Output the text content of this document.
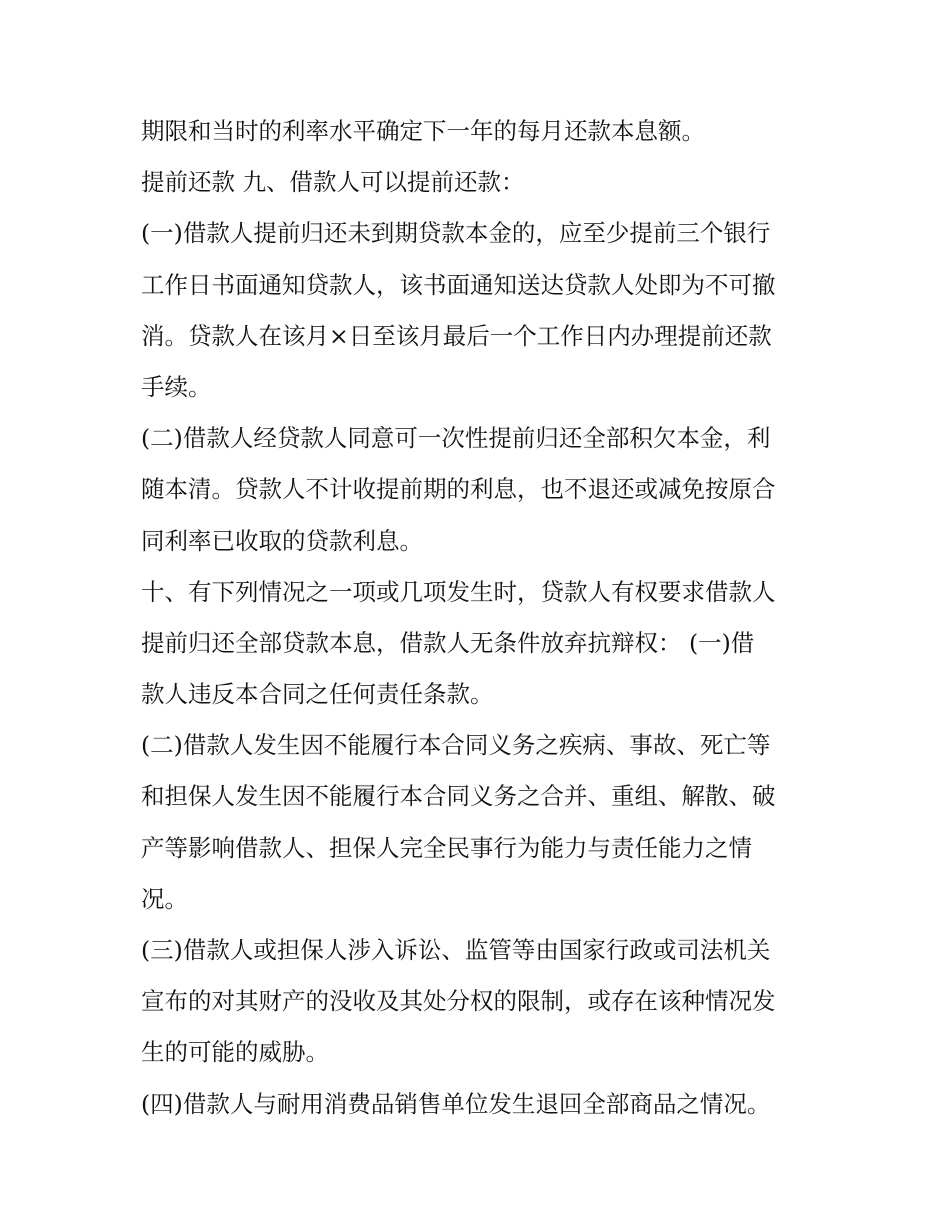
期限和当时的利率水平确定下一年的每月还款本息额。
提前还款 九、借款人可以提前还款：
(一)借款人提前归还未到期贷款本金的，应至少提前三个银行
工作日书面通知贷款人，该书面通知送达贷款人处即为不可撤
消。贷款人在该月×日至该月最后一个工作日内办理提前还款
手续。
(二)借款人经贷款人同意可一次性提前归还全部积欠本金，利
随本清。贷款人不计收提前期的利息，也不退还或减免按原合
同利率已收取的贷款利息。
十、有下列情况之一项或几项发生时，贷款人有权要求借款人
提前归还全部贷款本息，借款人无条件放弃抗辩权： (一)借
款人违反本合同之任何责任条款。
(二)借款人发生因不能履行本合同义务之疾病、事故、死亡等
和担保人发生因不能履行本合同义务之合并、重组、解散、破
产等影响借款人、担保人完全民事行为能力与责任能力之情
况。
(三)借款人或担保人涉入诉讼、监管等由国家行政或司法机关
宣布的对其财产的没收及其处分权的限制，或存在该种情况发
生的可能的威胁。
(四)借款人与耐用消费品销售单位发生退回全部商品之情况。
